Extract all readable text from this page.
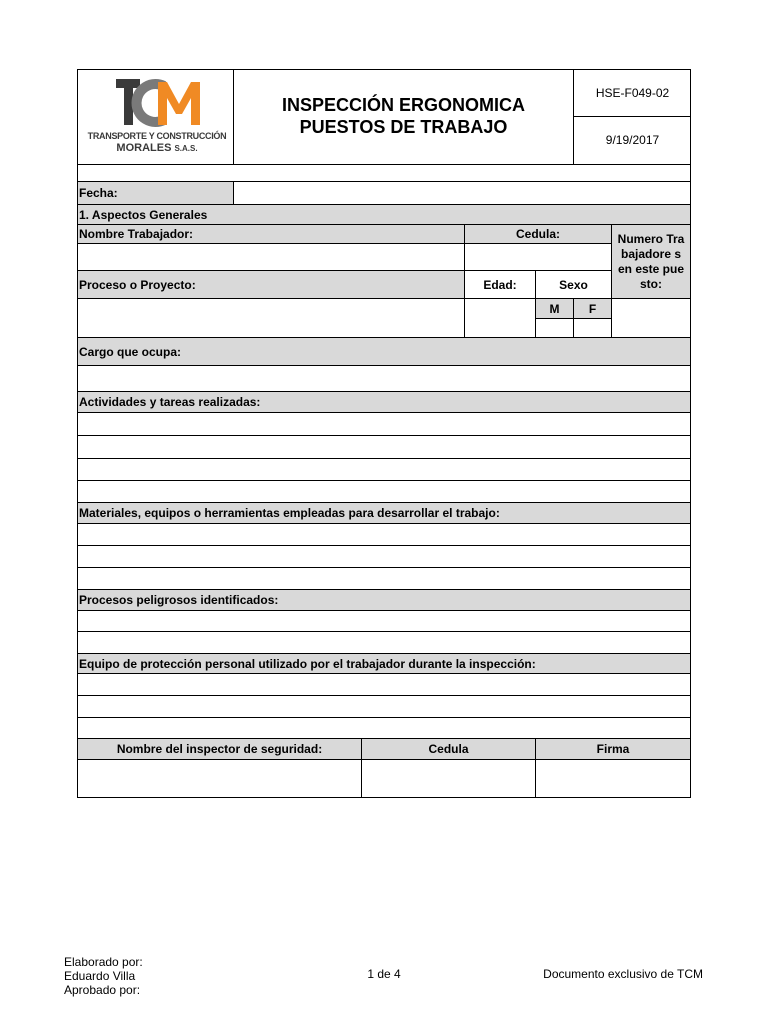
TRANSPORTE Y CONSTRUCCIÓN
MORALES S.A.S.
INSPECCIÓN ERGONOMICA
PUESTOS DE TRABAJO
HSE-F049-02
9/19/2017
Fecha:
1. Aspectos Generales
Nombre Trabajador:	Cedula:	Numero Trabajadore s en este puesto:
Proceso o Proyecto:	Edad:	Sexo
M	F
Cargo que ocupa:
Actividades y tareas realizadas:
Materiales, equipos o herramientas empleadas para desarrollar el trabajo:
Procesos peligrosos identificados:
Equipo de protección personal utilizado por el trabajador durante la inspección:
Nombre del inspector de seguridad:	Cedula	Firma
Elaborado por:
Eduardo Villa
Aprobado por:
1 de 4	Documento exclusivo de TCM
